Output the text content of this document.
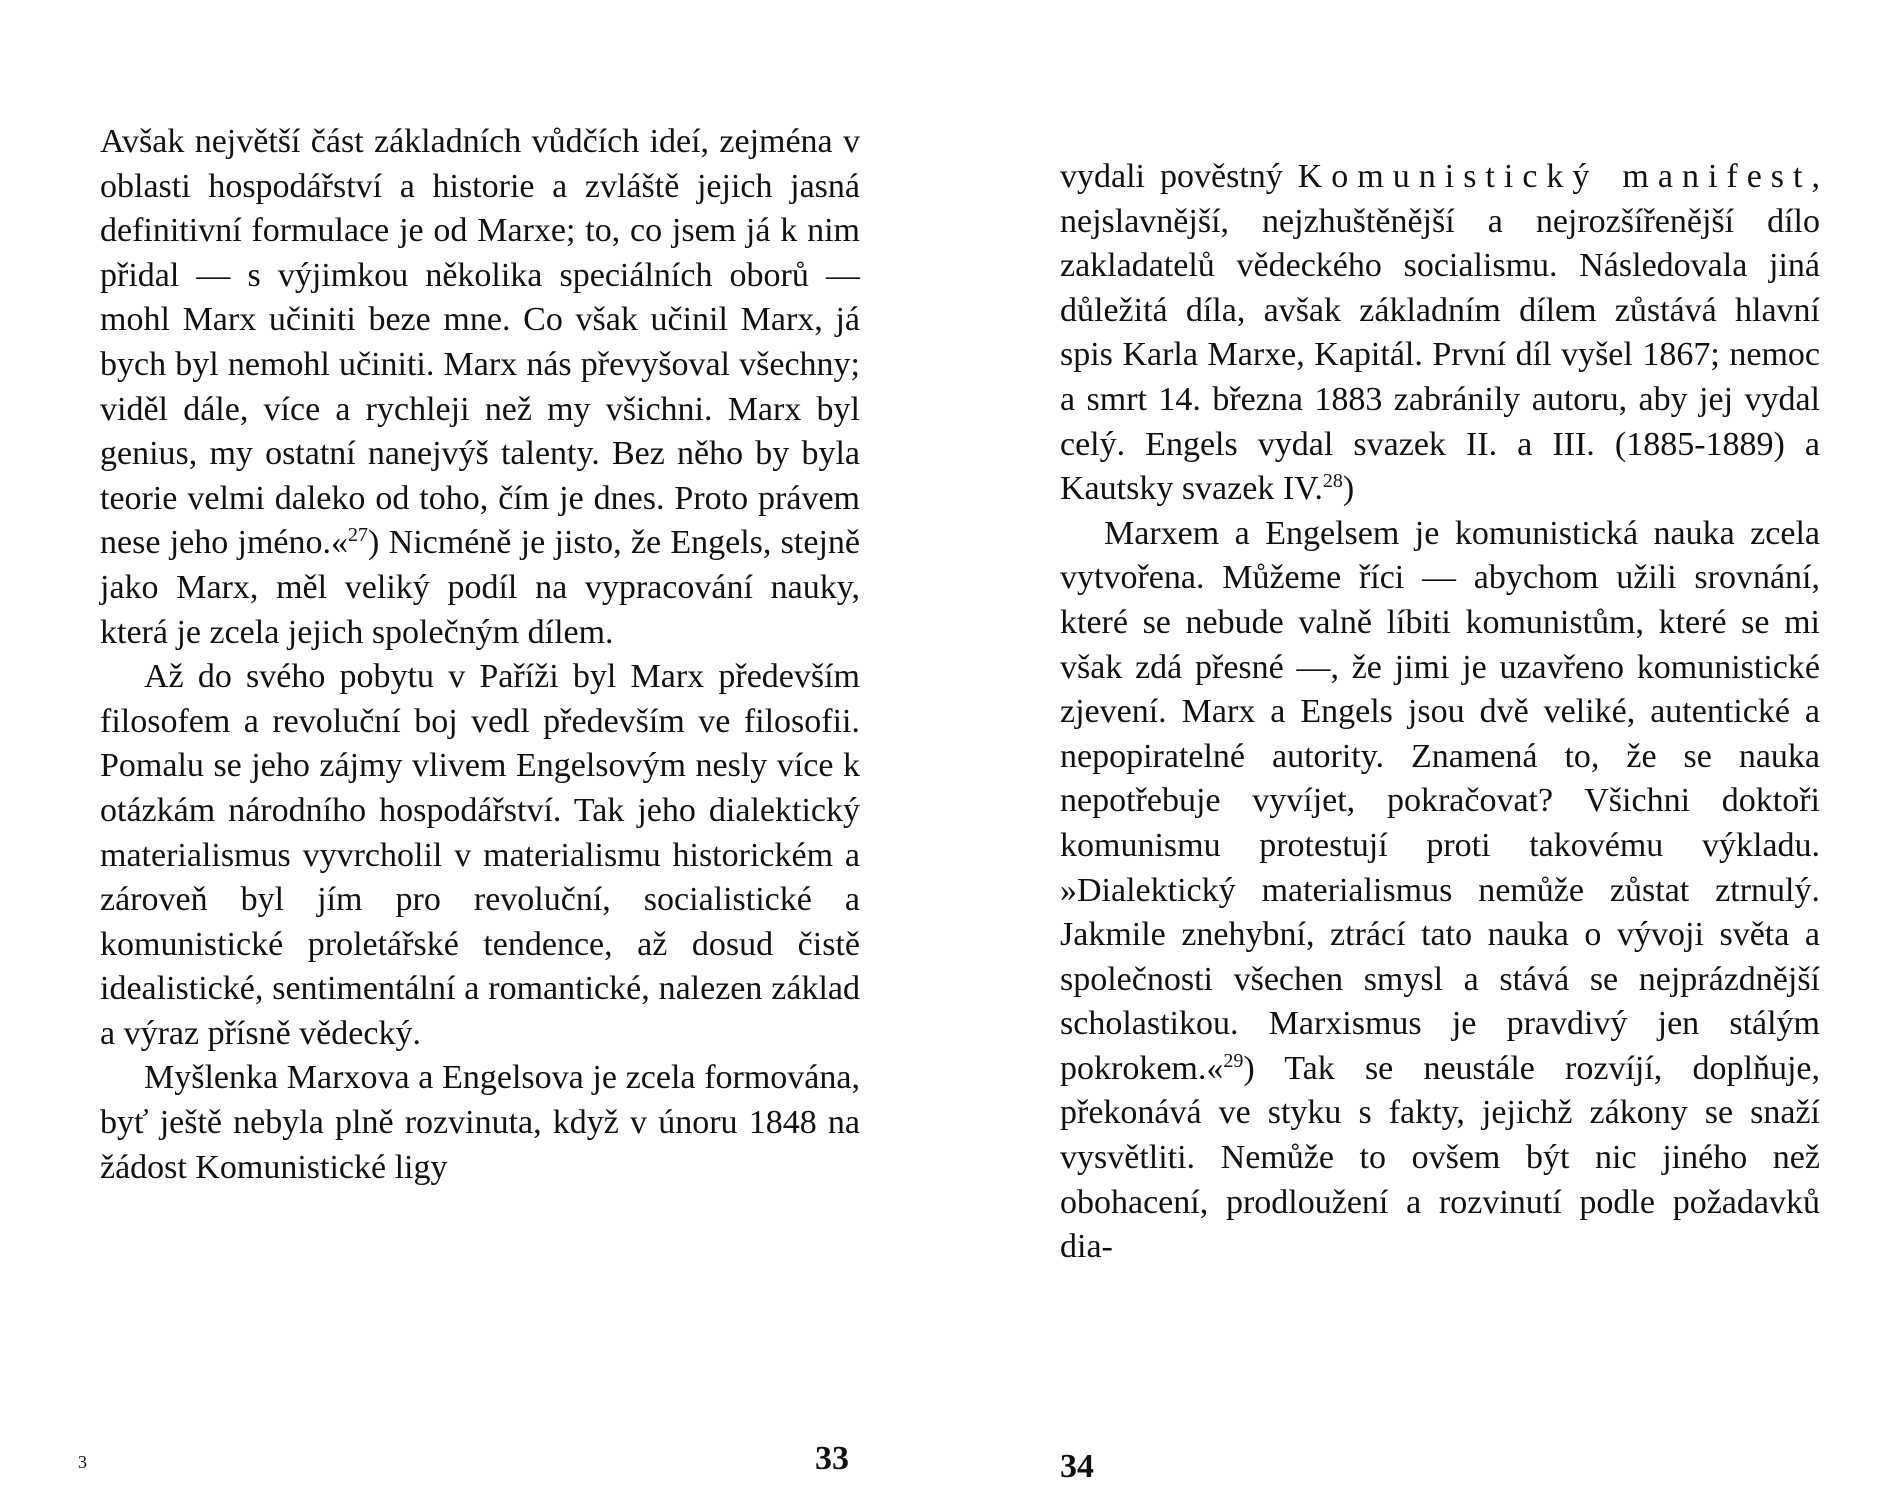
Avšak největší část základních vůdčích ideí, zejména v oblasti hospodářství a historie a zvláště jejich jasná definitivní formulace je od Marxe; to, co jsem já k nim přidal — s výjimkou několika speciálních oborů — mohl Marx učiniti beze mne. Co však učinil Marx, já bych byl nemohl učiniti. Marx nás převyšoval všechny; viděl dále, více a rychleji než my všichni. Marx byl genius, my ostatní nanejvýš talenty. Bez něho by byla teorie velmi daleko od toho, čím je dnes. Proto právem nese jeho jméno.«$^{27}$) Nicméně je jisto, že Engels, stejně jako Marx, měl veliký podíl na vypracování nauky, která je zcela jejich společným dílem.

Až do svého pobytu v Paříži byl Marx především filosofem a revoluční boj vedl především ve filosofii. Pomalu se jeho zájmy vlivem Engelsovým nesly více k otázkám národního hospodářství. Tak jeho dialektický materialismus vyvrcholil v materialismu historickém a zároveň byl jím pro revoluční, socialistické a komunistické proletářské tendence, až dosud čistě idealistické, sentimentální a romantické, nalezen základ a výraz přísně vědecký.

Myšlenka Marxova a Engelsova je zcela formována, byť ještě nebyla plně rozvinuta, když v únoru 1848 na žádost Komunistické ligy

3	33

vydali pověstný Komunistický manifest, nejslavnější, nejzhuštěnější a nejrozšířenější dílo zakladatelů vědeckého socialismu. Následovala jiná důležitá díla, avšak základním dílem zůstává hlavní spis Karla Marxe, Kapitál. První díl vyšel 1867; nemoc a smrt 14. března 1883 zabránily autoru, aby jej vydal celý. Engels vydal svazek II. a III. (1885-1889) a Kautsky svazek IV.$^{28}$)

Marxem a Engelsem je komunistická nauka zcela vytvořena. Můžeme říci — abychom užili srovnání, které se nebude valně líbiti komunistům, které se mi však zdá přesné —, že jimi je uzavřeno komunistické zjevení. Marx a Engels jsou dvě veliké, autentické a nepopiratelné autority. Znamená to, že se nauka nepotřebuje vyvíjet, pokračovat? Všichni doktoři komunismu protestují proti takovému výkladu. »Dialektický materialismus nemůže zůstat ztrnulý. Jakmile znehybní, ztrácí tato nauka o vývoji světa a společnosti všechen smysl a stává se nejprázdnější scholastikou. Marxismus je pravdivý jen stálým pokrokem.«$^{29}$) Tak se neustále rozvíjí, doplňuje, překonává ve styku s fakty, jejichž zákony se snaží vysvětliti. Nemůže to ovšem být nic jiného než obohacení, prodloužení a rozvinutí podle požadavků dia-

34
